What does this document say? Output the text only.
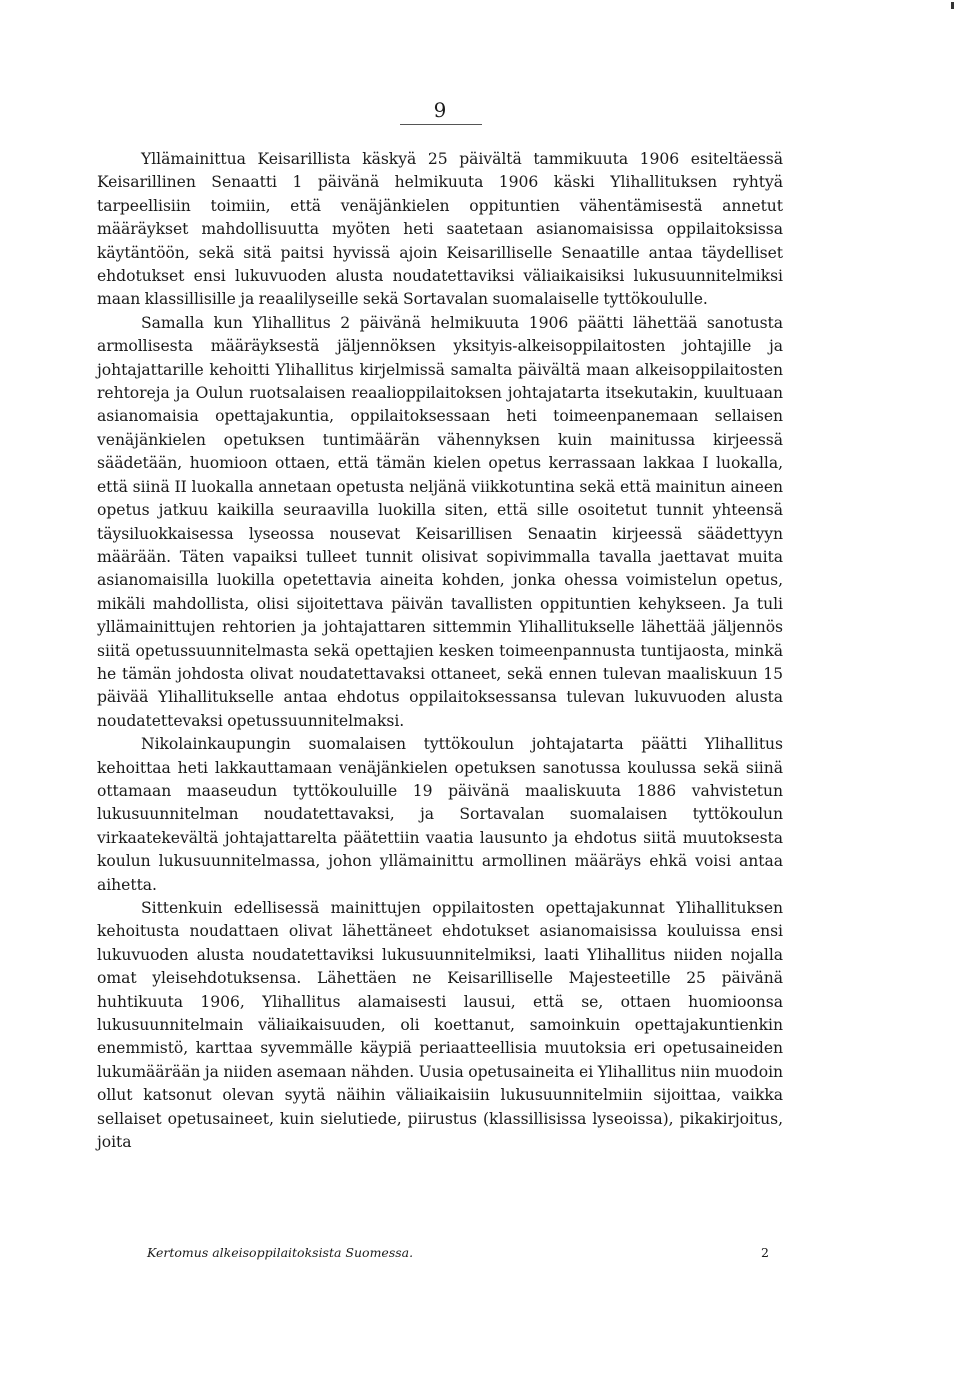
9

Yllämainittua Keisarillista käskyä 25 päivältä tammikuuta 1906 esiteltäessä Keisarillinen Senaatti 1 päivänä helmikuuta 1906 käski Ylihallituksen ryhtyä tarpeellisiin toimiin, että venäjänkielen oppituntien vähentämisestä annetut määräykset mahdollisuutta myöten heti saatetaan asianomaisissa oppilaitoksissa käytäntöön, sekä sitä paitsi hyvissä ajoin Keisarilliselle Senaatille antaa täydelliset ehdotukset ensi lukuvuoden alusta noudatettaviksi väliaikaisiksi lukusuunnitelmiksi maan klassillisille ja reaalilyseille sekä Sortavalan suomalaiselle tyttökoululle.

Samalla kun Ylihallitus 2 päivänä helmikuuta 1906 päätti lähettää sanotusta armollisesta määräyksestä jäljennöksen yksityis-alkeisoppilaitosten johtajille ja johtajattarille kehoitti Ylihallitus kirjelmissä samalta päivältä maan alkeisoppilaitosten rehtoreja ja Oulun ruotsalaisen reaalioppilaitoksen johtajatarta itsekutakin, kuultuaan asianomaisia opettajakuntia, oppilaitoksessaan heti toimeenpanemaan sellaisen venäjänkielen opetuksen tuntimäärän vähennyksen kuin mainitussa kirjeessä säädetään, huomioon ottaen, että tämän kielen opetus kerrassaan lakkaa I luokalla, että siinä II luokalla annetaan opetusta neljänä viikkotuntina sekä että mainitun aineen opetus jatkuu kaikilla seuraavilla luokilla siten, että sille osoitetut tunnit yhteensä täysiluokkaisessa lyseossa nousevat Keisarillisen Senaatin kirjeessä säädettyyn määrään. Täten vapaiksi tulleet tunnit olisivat sopivimmalla tavalla jaettavat muita asianomaisilla luokilla opetettavia aineita kohden, jonka ohessa voimistelun opetus, mikäli mahdollista, olisi sijoitettava päivän tavallisten oppituntien kehykseen. Ja tuli yllämainittujen rehtorien ja johtajattaren sittemmin Ylihallitukselle lähettää jäljennös siitä opetussuunnitelmasta sekä opettajien kesken toimeenpannusta tuntijaosta, minkä he tämän johdosta olivat noudatettavaksi ottaneet, sekä ennen tulevan maaliskuun 15 päivää Ylihallitukselle antaa ehdotus oppilaitoksessansa tulevan lukuvuoden alusta noudatettevaksi opetussuunnitelmaksi.

Nikolainkaupungin suomalaisen tyttökoulun johtajatarta päätti Ylihallitus kehoittaa heti lakkauttamaan venäjänkielen opetuksen sanotussa koulussa sekä siinä ottamaan maaseudun tyttökouluille 19 päivänä maaliskuuta 1886 vahvistetun lukusuunnitelman noudatettavaksi, ja Sortavalan suomalaisen tyttökoulun virkaatekevältä johtajattarelta päätettiin vaatia lausunto ja ehdotus siitä muutoksesta koulun lukusuunnitelmassa, johon yllämainittu armollinen määräys ehkä voisi antaa aihetta.

Sittenkuin edellisessä mainittujen oppilaitosten opettajakunnat Ylihallituksen kehoitusta noudattaen olivat lähettäneet ehdotukset asianomaisissa kouluissa ensi lukuvuoden alusta noudatettaviksi lukusuunnitelmiksi, laati Ylihallitus niiden nojalla omat yleisehdotuksensa. Lähettäen ne Keisarilliselle Majesteetille 25 päivänä huhtikuuta 1906, Ylihallitus alamaisesti lausui, että se, ottaen huomioonsa lukusuunnitelmain väliaikaisuuden, oli koettanut, samoinkuin opettajakuntienkin enemmistö, karttaa syvemmälle käypiä periaatteellisia muutoksia eri opetusaineiden lukumäärään ja niiden asemaan nähden. Uusia opetusaineita ei Ylihallitus niin muodoin ollut katsonut olevan syytä näihin väliaikaisiin lukusuunnitelmiin sijoittaa, vaikka sellaiset opetusaineet, kuin sielutiede, piirustus (klassillisissa lyseoissa), pikakirjoitus, joita

Kertomus alkeisoppilaitoksista Suomessa.	2
